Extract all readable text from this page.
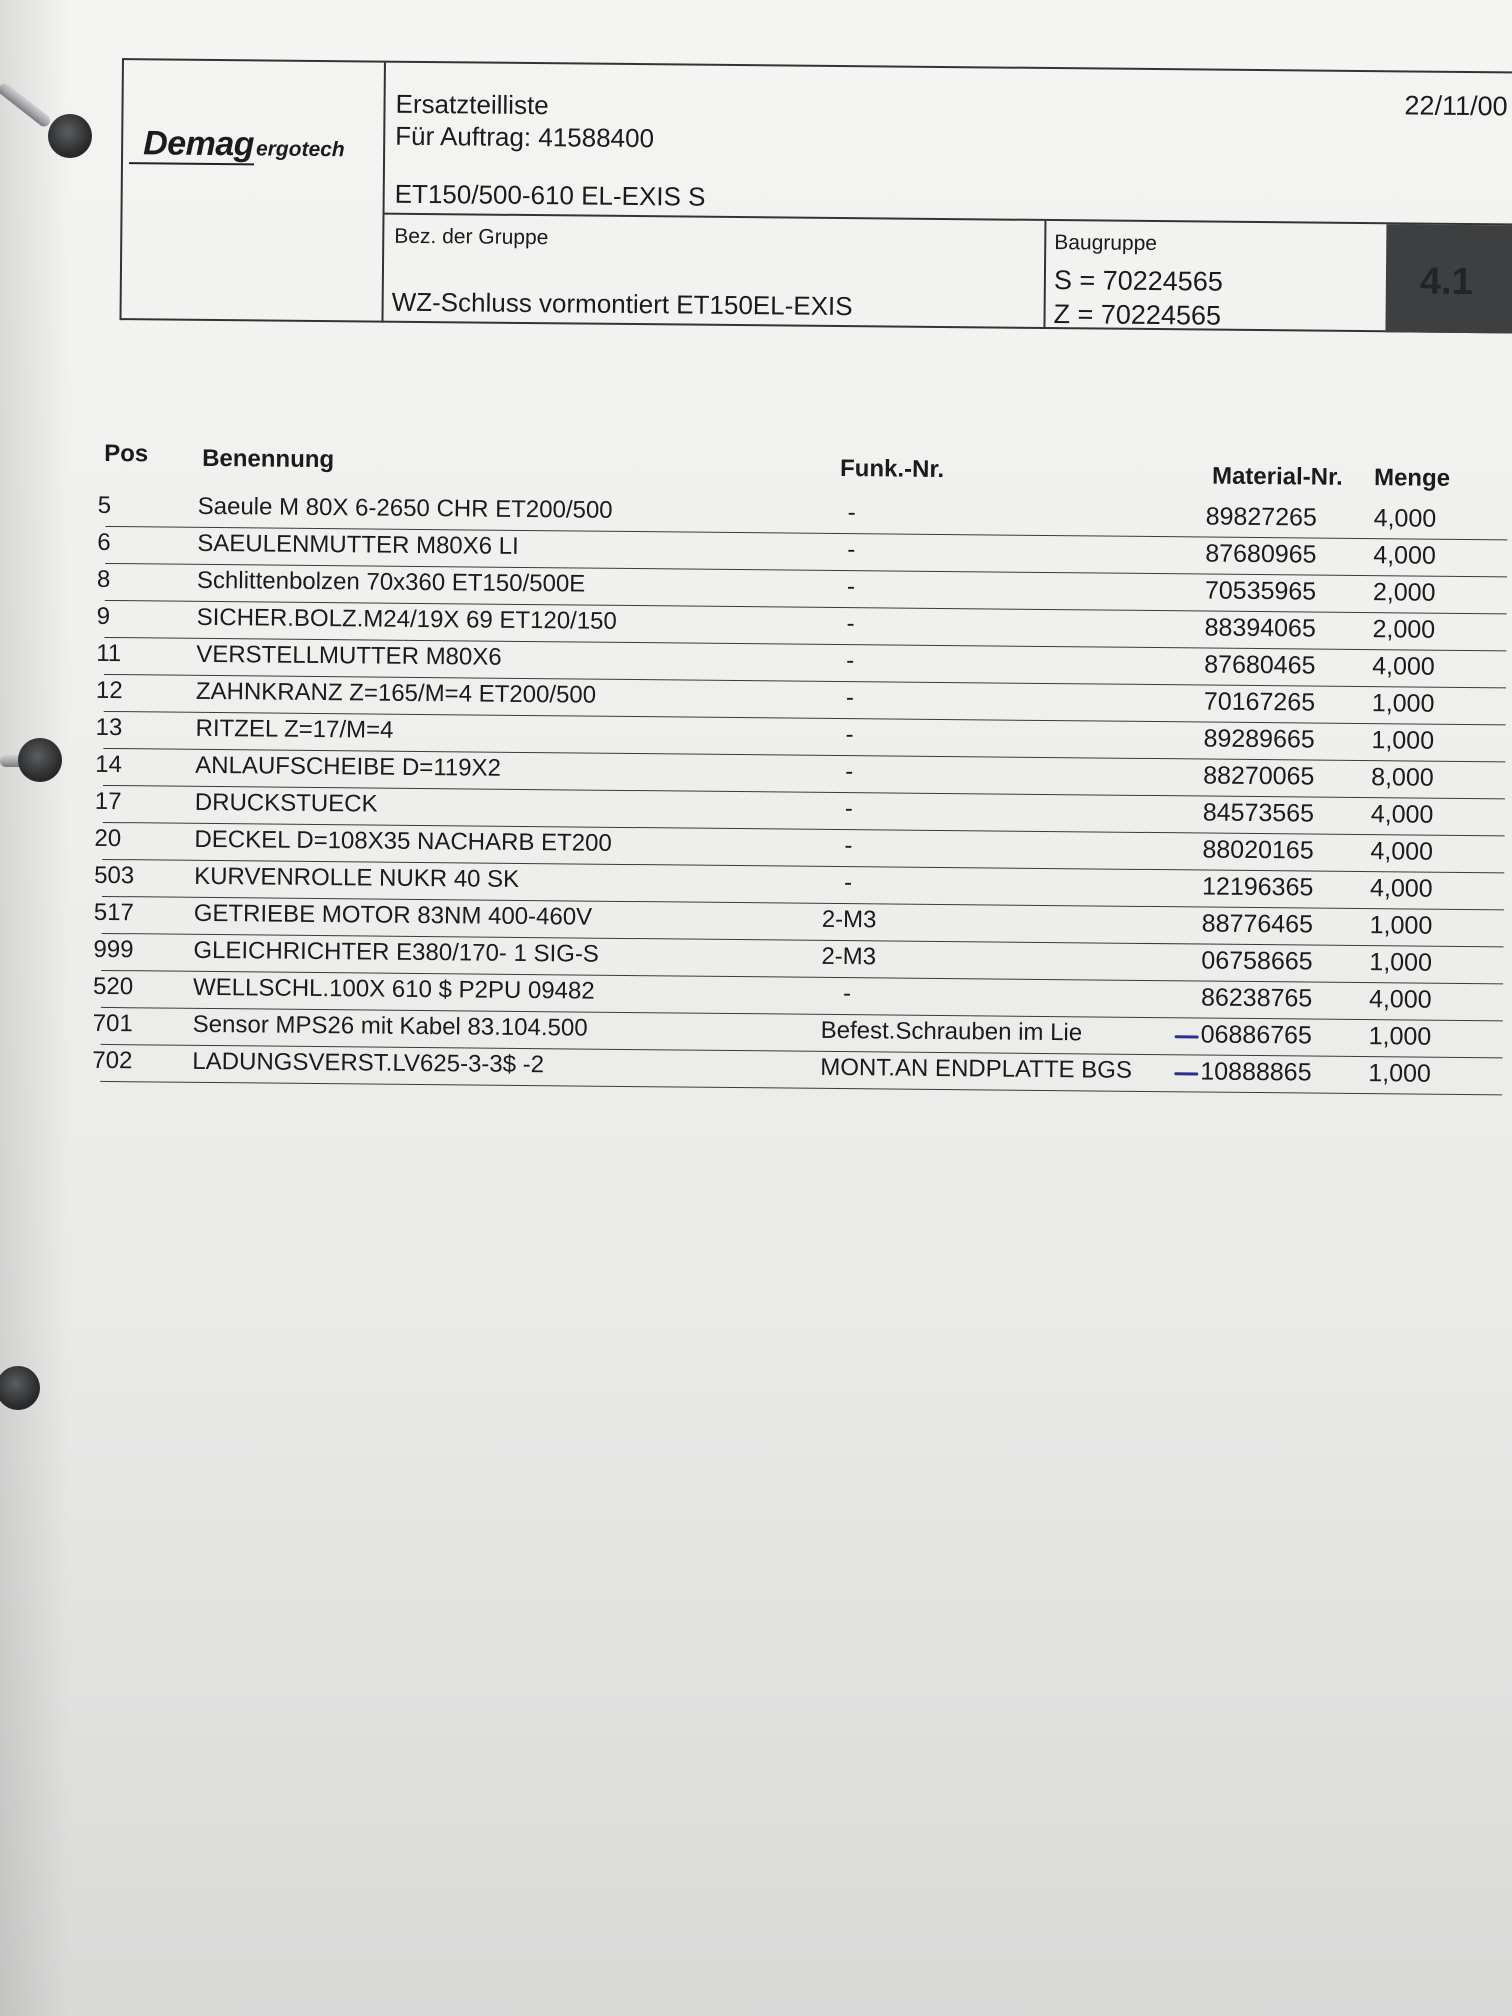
Demagergotech
Ersatzteilliste
Für Auftrag: 41588400
ET150/500-610 EL-EXIS S
22/11/00
Bez. der Gruppe
WZ-Schluss vormontiert ET150EL-EXIS
Baugruppe
S = 70224565
Z = 70224565
4.1
Pos Benennung	Funk.-Nr.	Material-Nr. Menge
5	Saeule M 80X 6-2650 CHR ET200/500	-	89827265 4,000
6	SAEULENMUTTER M80X6 LI	-	87680965 4,000
8	Schlittenbolzen 70x360 ET150/500E	-	70535965 2,000
9	SICHER.BOLZ.M24/19X 69 ET120/150	-	88394065 2,000
11	VERSTELLMUTTER M80X6	-	87680465 4,000
12	ZAHNKRANZ Z=165/M=4 ET200/500	-	70167265 1,000
13	RITZEL Z=17/M=4	-	89289665 1,000
14	ANLAUFSCHEIBE D=119X2	-	88270065 8,000
17	DRUCKSTUECK	-	84573565 4,000
20	DECKEL D=108X35 NACHARB ET200	-	88020165 4,000
503 KURVENROLLE NUKR 40 SK	-	12196365 4,000
517 GETRIEBE MOTOR 83NM 400-460V	2-M3	88776465 1,000
999 GLEICHRICHTER E380/170- 1 SIG-S	2-M3	06758665 1,000
520 WELLSCHL.100X 610 $ P2PU 09482	-	86238765 4,000
701 Sensor MPS26 mit Kabel 83.104.500	Befest.Schrauben im Lie	06886765 1,000
702 LADUNGSVERST.LV625-3-3$ -2	MONT.AN ENDPLATTE BGS	10888865 1,000
